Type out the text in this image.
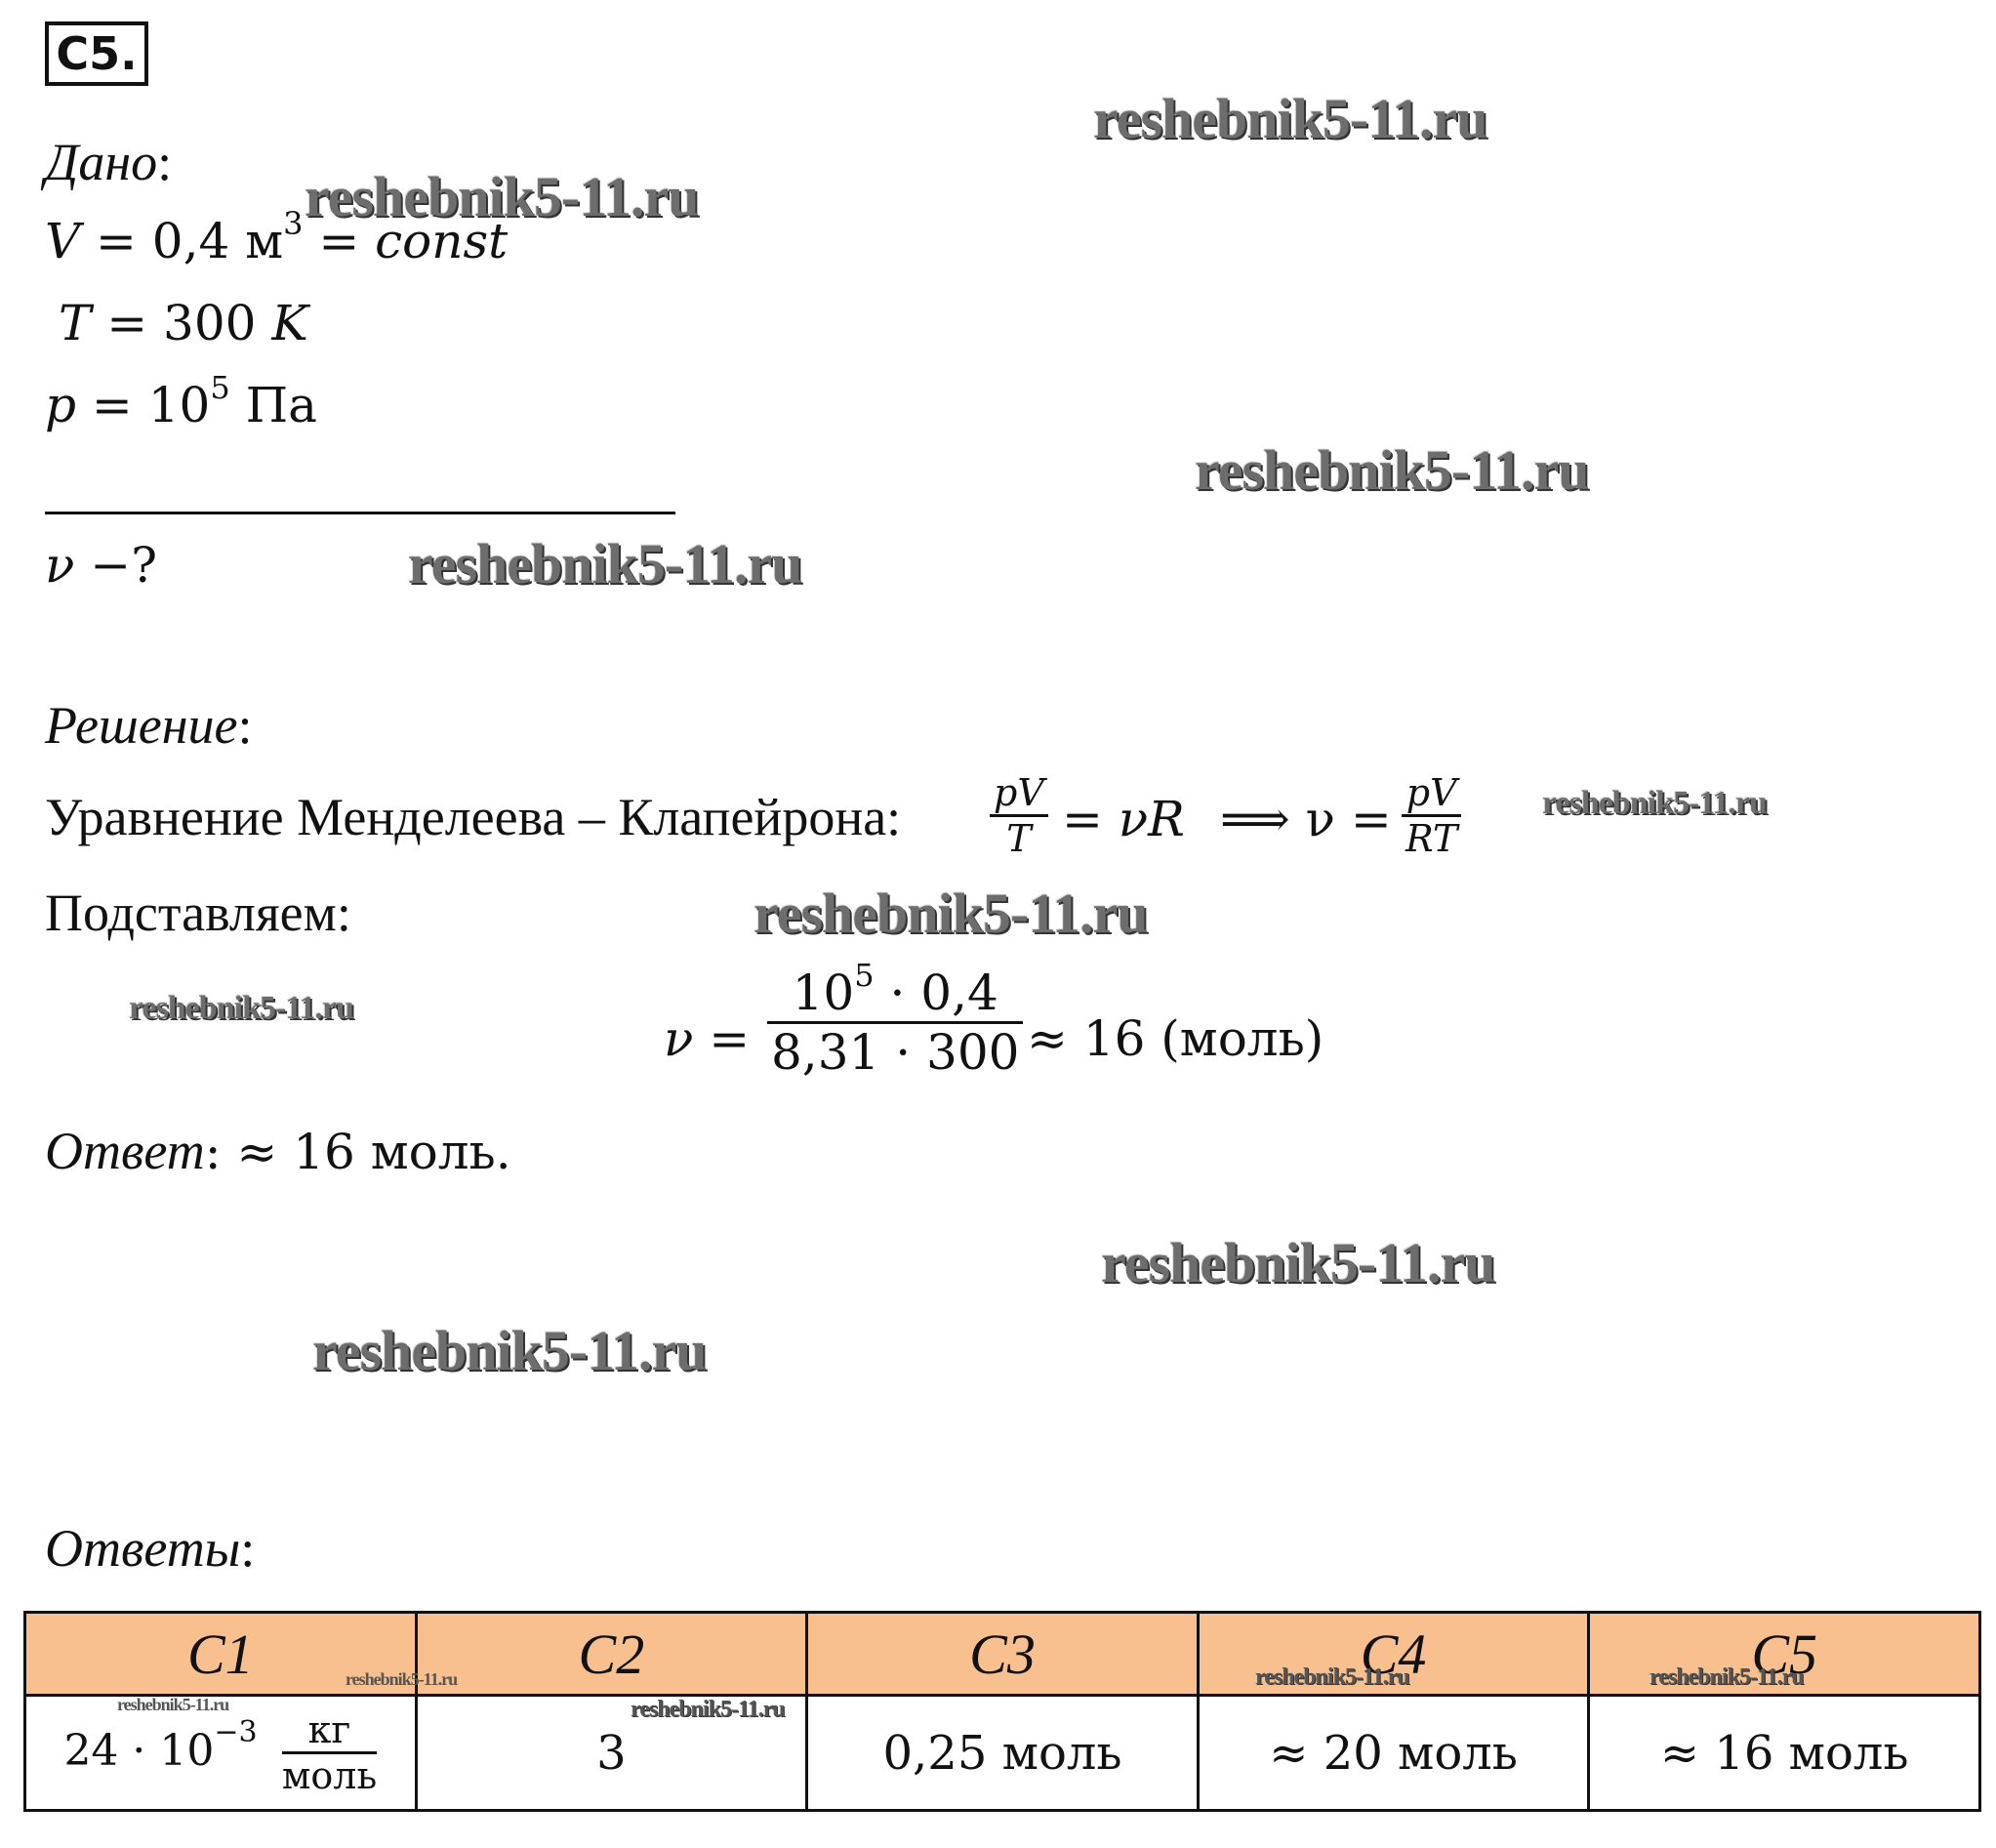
C5.
Дано:
V = 0,4 $м^3$ = const
T = 300 K
$p = 10^5$ Па
ν −?
Решение:
Уравнение Менделеева – Клапейрона: pV
T = νR ⟹ ν = pV
RT
Подставляем:
ν =
$10^5 \cdot 0,4$
8,31 · 300 ≈ 16 (моль)
Ответ: ≈ 16 моль.
Ответы:
C1	C2	C3	C4	C5
$24 \cdot 10^{-3} \frac{кг}{\text{моль}}$	3	0,25 моль	≈ 20 моль	≈ 16 моль
reshebnik5-11.ru
reshebnik5-11.ru
reshebnik5-11.ru
reshebnik5-11.ru
reshebnik5-11.ru
reshebnik5-11.ru
reshebnik5-11.ru
reshebnik5-11.ru
reshebnik5-11.ru
reshebnik5-11.ru	reshebnik5-11.ru	reshebnik5-11.ru
reshebnik5-11.ru	reshebnik5-11.ru
